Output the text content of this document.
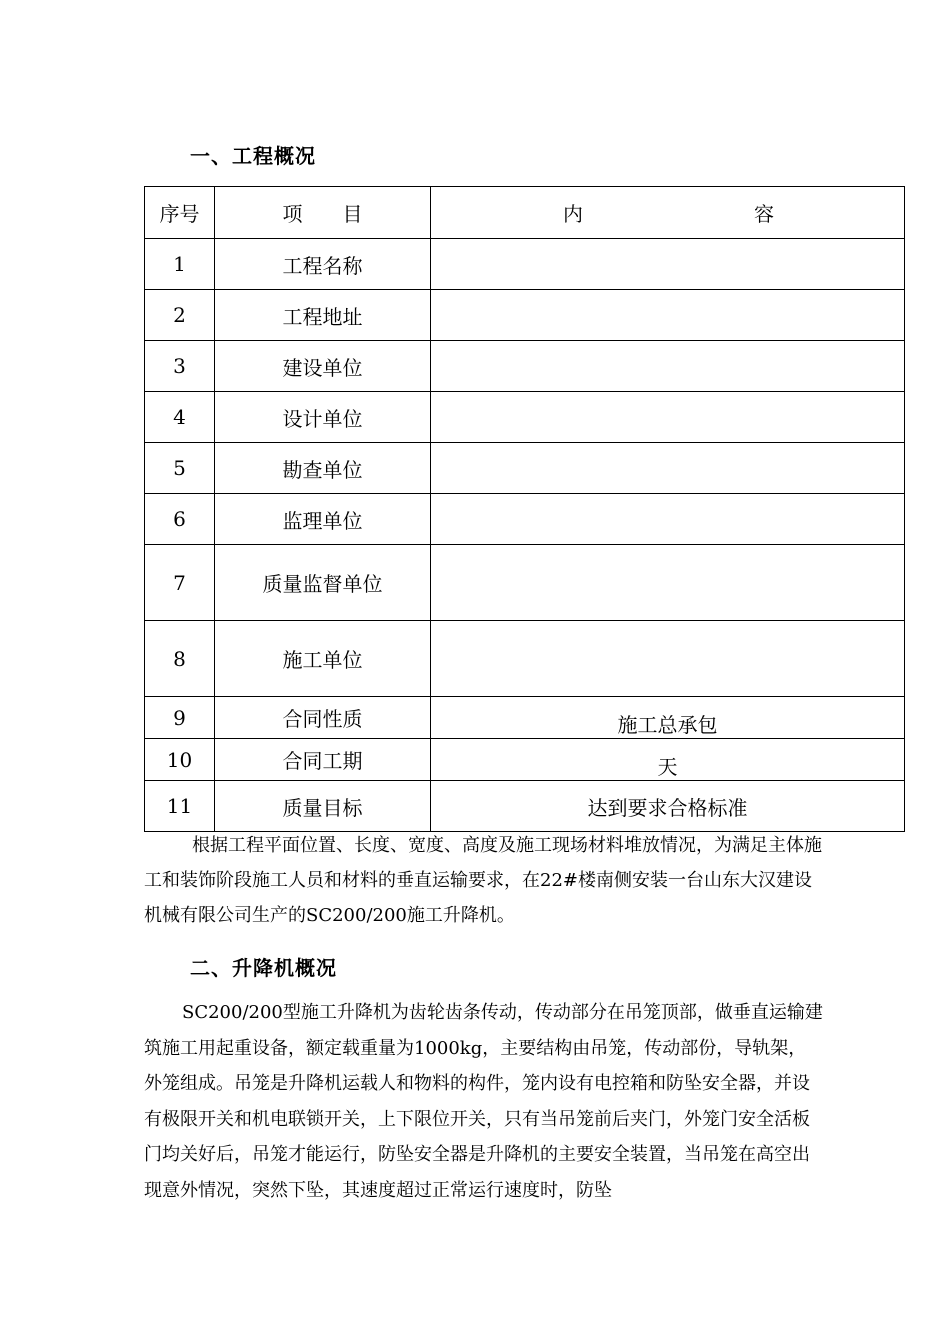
一、工程概况
序号	项　　目	内 容

1	工程名称	
2	工程地址	
3	建设单位	
4	设计单位	
5	勘查单位	
6	监理单位	
7	质量监督单位	
8	施工单位	
9	合同性质	施工总承包
10	合同工期	天
11	质量目标	达到要求合格标准

根据工程平面位置、长度、宽度、高度及施工现场材料堆放情况，为满足主体施工和装饰阶段施工人员和材料的垂直运输要求，在22#楼南侧安装一台山东大汉建设机械有限公司生产的SC200/200施工升降机。

二、升降机概况

SC200/200型施工升降机为齿轮齿条传动，传动部分在吊笼顶部，做垂直运输建筑施工用起重设备，额定载重量为1000kg，主要结构由吊笼，传动部份，导轨架，外笼组成。吊笼是升降机运载人和物料的构件，笼内设有电控箱和防坠安全器，并设有极限开关和机电联锁开关，上下限位开关，只有当吊笼前后夹门，外笼门安全活板门均关好后，吊笼才能运行，防坠安全器是升降机的主要安全装置，当吊笼在高空出现意外情况，突然下坠，其速度超过正常运行速度时，防坠
